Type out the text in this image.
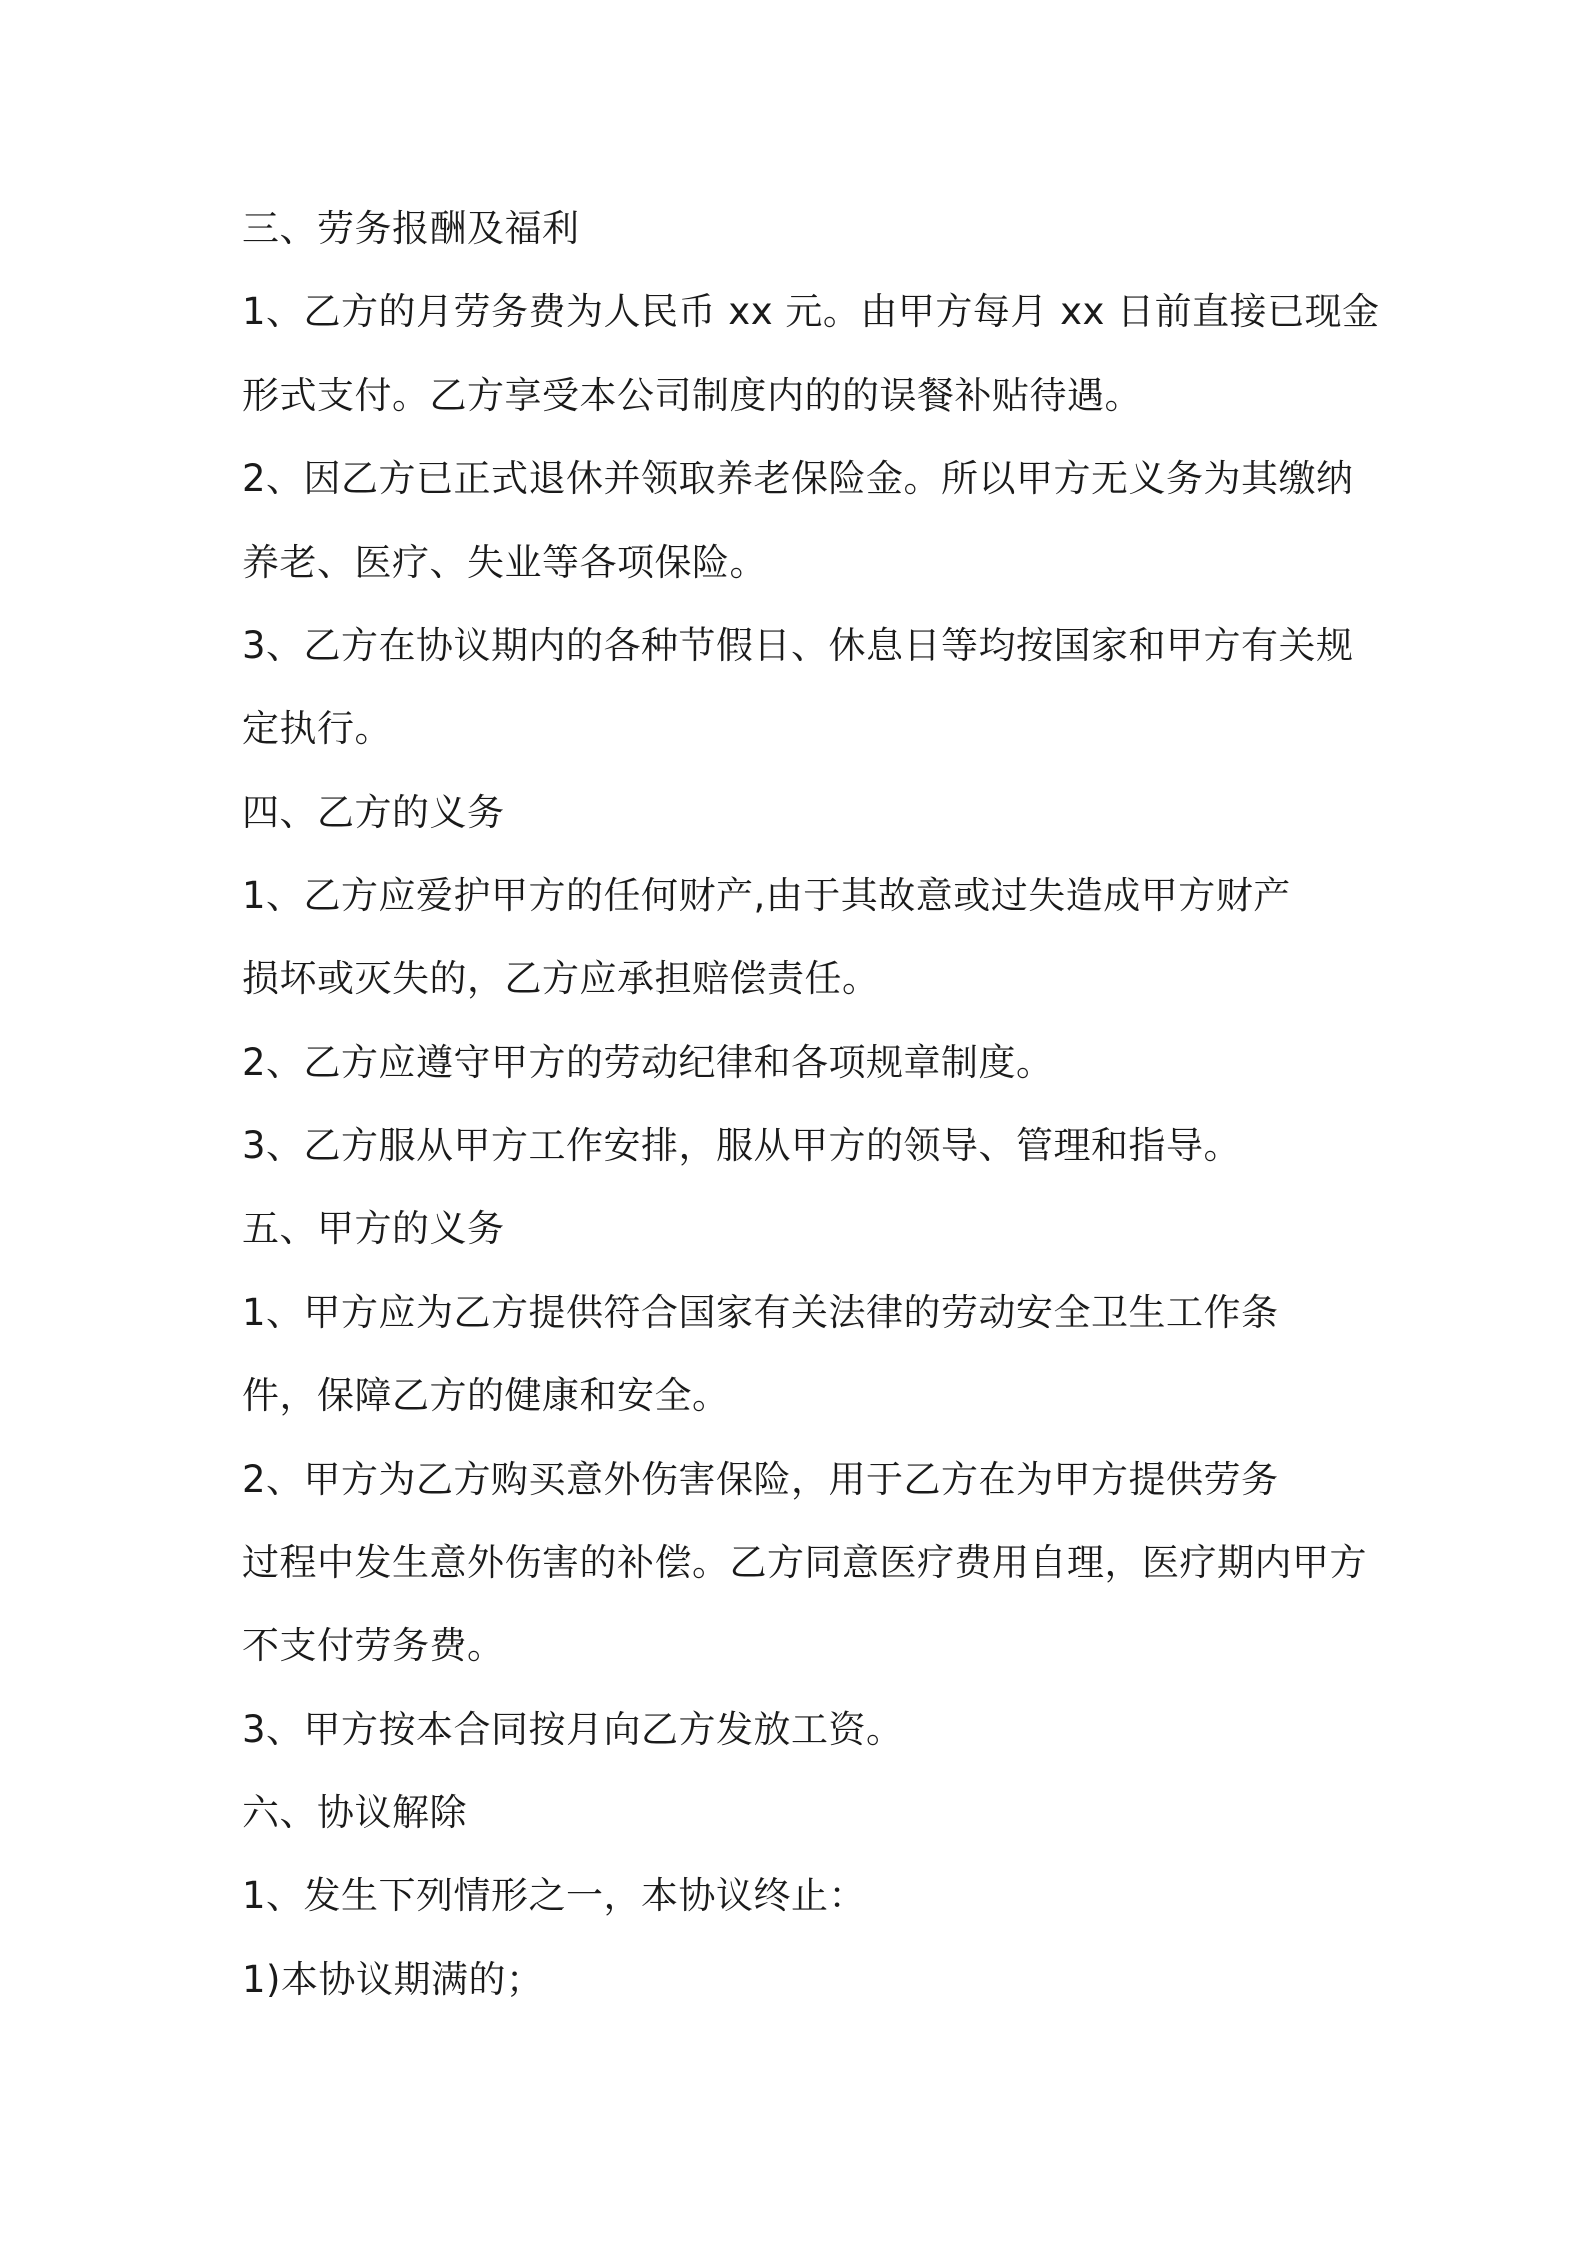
三、劳务报酬及福利
1、乙方的月劳务费为人民币 xx 元。由甲方每月 xx 日前直接已现金
形式支付。乙方享受本公司制度内的的误餐补贴待遇。
2、因乙方已正式退休并领取养老保险金。所以甲方无义务为其缴纳
养老、医疗、失业等各项保险。
3、乙方在协议期内的各种节假日、休息日等均按国家和甲方有关规
定执行。
四、乙方的义务
1、乙方应爱护甲方的任何财产,由于其故意或过失造成甲方财产
损坏或灭失的，乙方应承担赔偿责任。
2、乙方应遵守甲方的劳动纪律和各项规章制度。
3、乙方服从甲方工作安排，服从甲方的领导、管理和指导。
五、甲方的义务
1、甲方应为乙方提供符合国家有关法律的劳动安全卫生工作条
件，保障乙方的健康和安全。
2、甲方为乙方购买意外伤害保险，用于乙方在为甲方提供劳务
过程中发生意外伤害的补偿。乙方同意医疗费用自理，医疗期内甲方
不支付劳务费。
3、甲方按本合同按月向乙方发放工资。
六、协议解除
1、发生下列情形之一，本协议终止：
1)本协议期满的；
